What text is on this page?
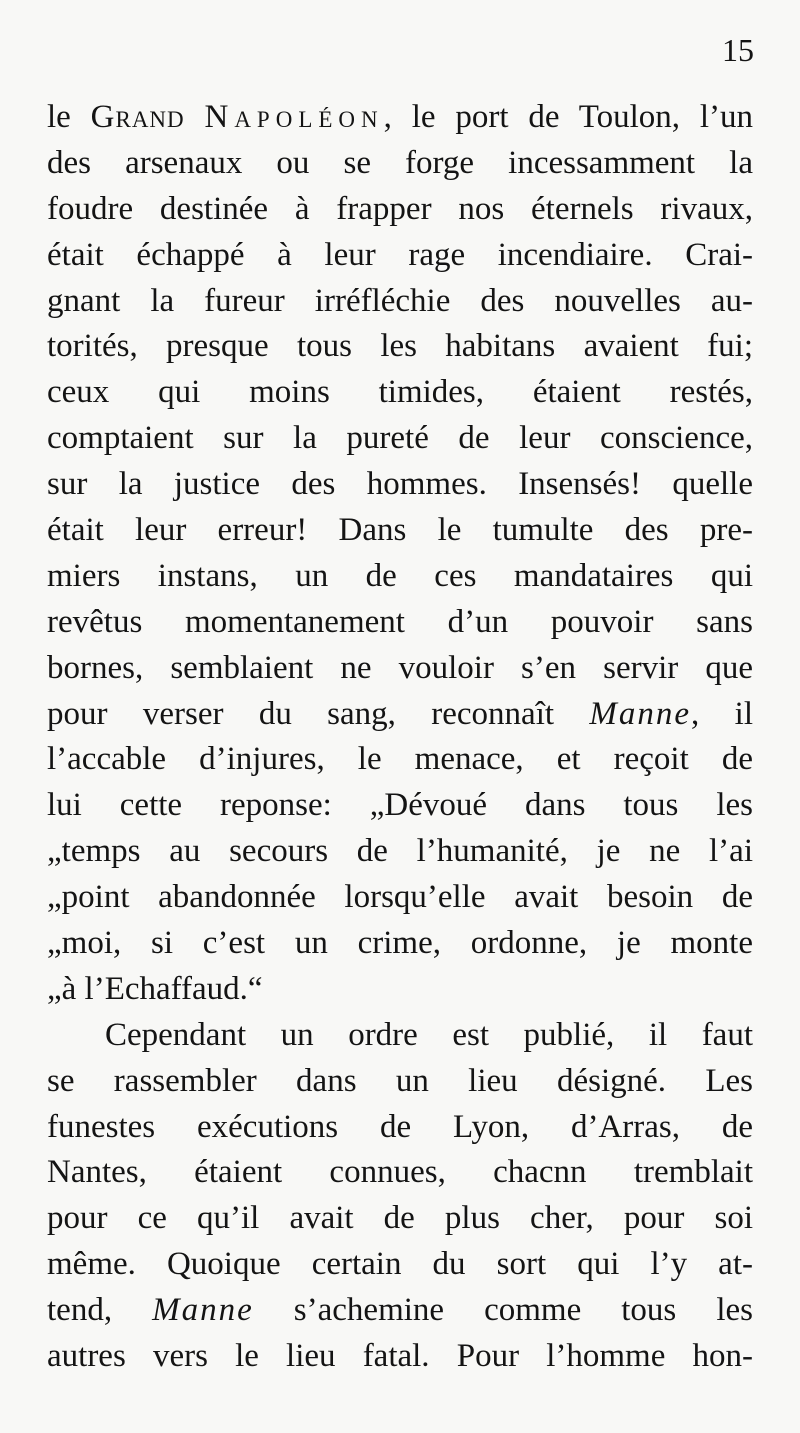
15
le Grand Napoléon, le port de Toulon, l’un
des arsenaux ou se forge incessamment la
foudre destinée à frapper nos éternels rivaux,
était échappé à leur rage incendiaire. Crai-
gnant la fureur irréfléchie des nouvelles au-
torités, presque tous les habitans avaient fui;
ceux qui moins timides, étaient restés,
comptaient sur la pureté de leur conscience,
sur la justice des hommes. Insensés! quelle
était leur erreur! Dans le tumulte des pre-
miers instans, un de ces mandataires qui
revêtus momentanement d’un pouvoir sans
bornes, semblaient ne vouloir s’en servir que
pour verser du sang, reconnaît Manne, il
l’accable d’injures, le menace, et reçoit de
lui cette reponse: „Dévoué dans tous les
„temps au secours de l’humanité, je ne l’ai
„point abandonnée lorsqu’elle avait besoin de
„moi, si c’est un crime, ordonne, je monte
„à l’Echaffaud.“
Cependant un ordre est publié, il faut
se rassembler dans un lieu désigné. Les
funestes exécutions de Lyon, d’Arras, de
Nantes, étaient connues, chacnn tremblait
pour ce qu’il avait de plus cher, pour soi
même. Quoique certain du sort qui l’y at-
tend, Manne s’achemine comme tous les
autres vers le lieu fatal. Pour l’homme hon-
